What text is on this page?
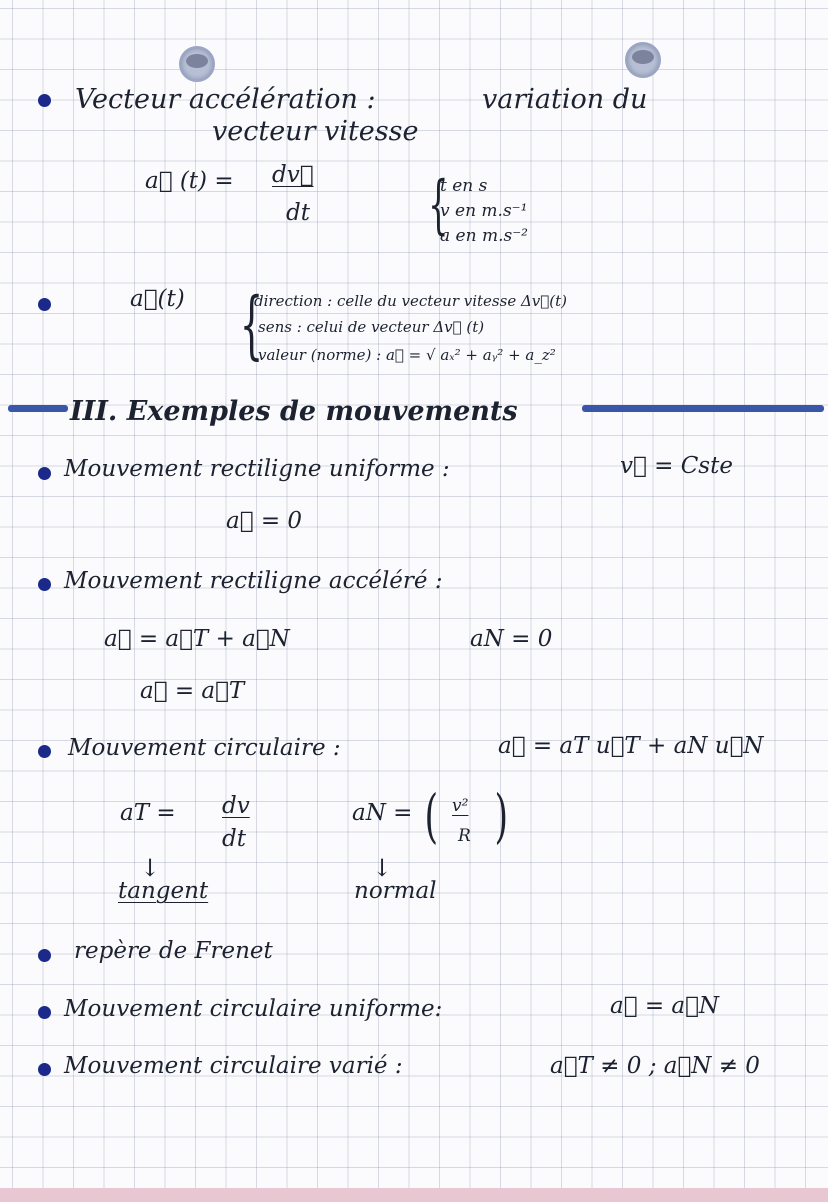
Vecteur accélération :	variation du
vecteur vitesse
a⃗ (t) = dv⃗
dt {
t en s
v en m.s⁻¹
a en m.s⁻²
a⃗(t) {
direction : celle du vecteur vitesse Δv⃗(t)
sens : celui de vecteur Δv⃗ (t)
valeur (norme) : a⃗ = √ aₓ² + aᵧ² + a_z²
III. Exemples de mouvements
Mouvement rectiligne uniforme :	v⃗ = Cste
a⃗ = 0
Mouvement rectiligne accéléré :
a⃗ = a⃗T + a⃗N	aN = 0
a⃗ = a⃗T
Mouvement circulaire :	a⃗ = aT u⃗T + aN u⃗N
aT = dv
dt
aN = ( v²
R )
↓	↓
tangent	normal
repère de Frenet
Mouvement circulaire uniforme:	a⃗ = a⃗N
Mouvement circulaire varié :	a⃗T ≠ 0 ; a⃗N ≠ 0
